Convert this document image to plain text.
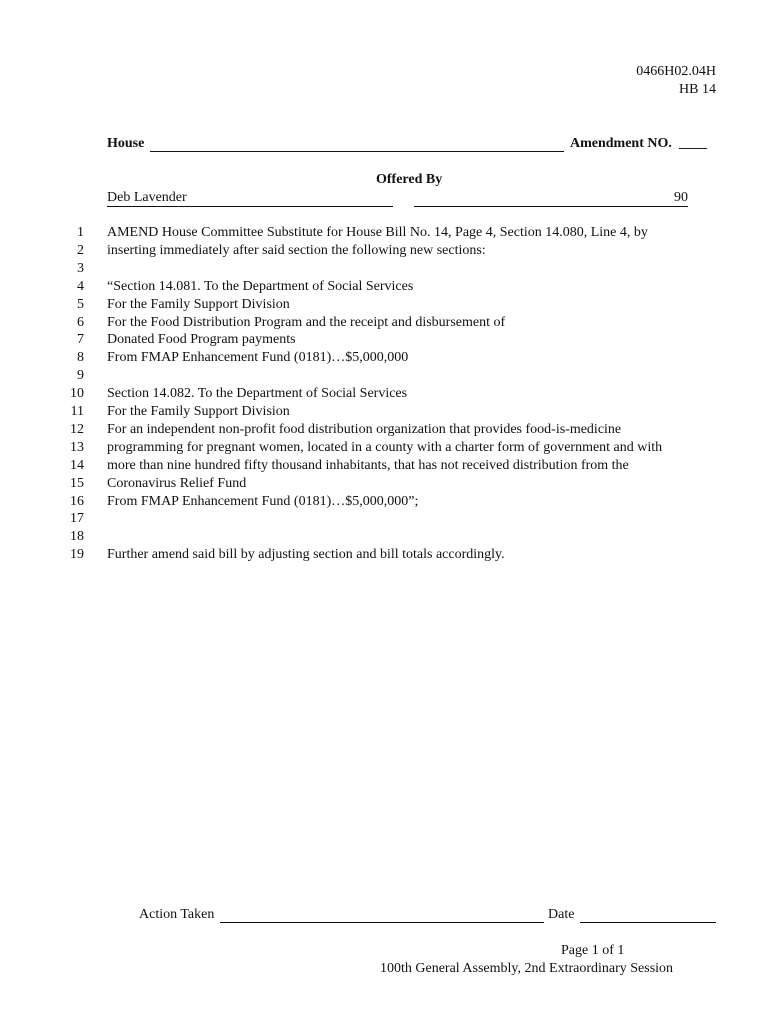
0466H02.04H
HB 14
House	Amendment NO. ____
Offered By
Deb Lavender	90
1 AMEND House Committee Substitute for House Bill No. 14, Page 4, Section 14.080, Line 4, by
2 inserting immediately after said section the following new sections:
3
4 “Section 14.081. To the Department of Social Services
5 For the Family Support Division
6 For the Food Distribution Program and the receipt and disbursement of
7 Donated Food Program payments
8 From FMAP Enhancement Fund (0181)…$5,000,000
9
10 Section 14.082. To the Department of Social Services
11 For the Family Support Division
12 For an independent non-profit food distribution organization that provides food-is-medicine
13 programming for pregnant women, located in a county with a charter form of government and with
14 more than nine hundred fifty thousand inhabitants, that has not received distribution from the
15 Coronavirus Relief Fund
16 From FMAP Enhancement Fund (0181)…$5,000,000”;
17
18
19 Further amend said bill by adjusting section and bill totals accordingly.
Action Taken	Date
Page 1 of 1
100th General Assembly, 2nd Extraordinary Session
